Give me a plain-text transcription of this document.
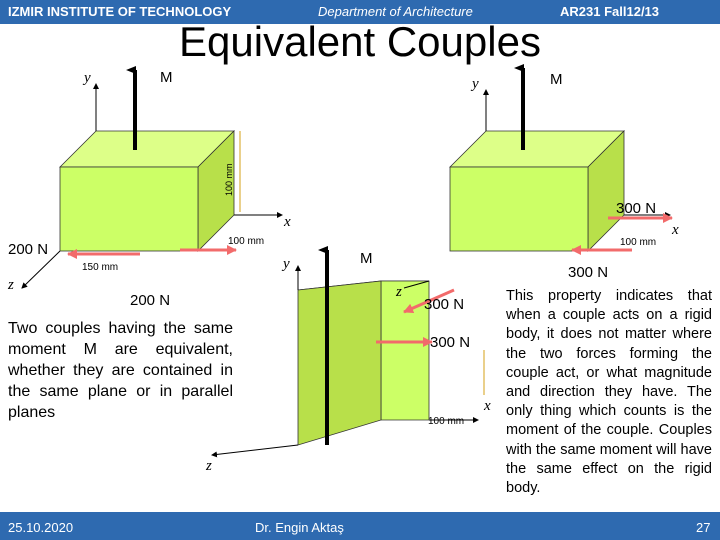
IZMIR INSTITUTE OF TECHNOLOGY	Department of Architecture	AR231 Fall12/13
Equivalent Couples
y
x
z
M
100 mm
100 mm
150 mm
200 N
200 N
y
x
M
300 N
300 N
100 mm
y
z
z
x
M
300 N
300 N
100 mm
Two couples having the same moment M are equivalent, whether they are contained in the same plane or in parallel planes
This property indicates that when a couple acts on a rigid body, it does not matter where the two forces forming the couple act, or what magnitude and direction they have. The only thing which counts is the moment of the couple. Couples with the same moment will have the same effect on the rigid body.
25.10.2020	Dr. Engin Aktaş	27
